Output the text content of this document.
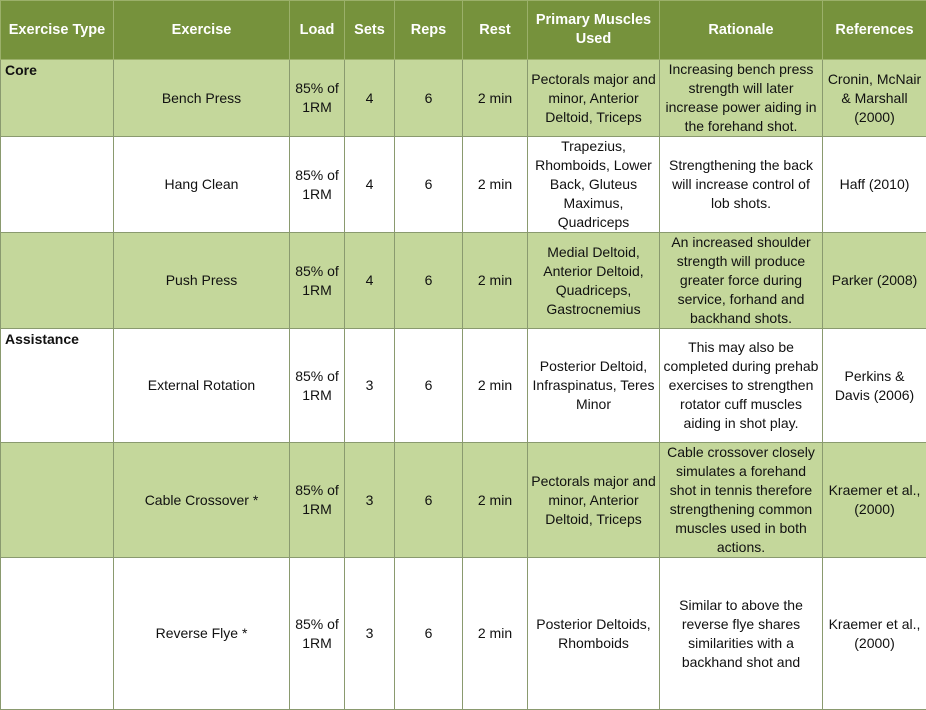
Exercise Type	Exercise	Load	Sets	Reps	Rest	Primary Muscles Used	Rationale	References
Core	Bench Press	85% of 1RM	4	6	2 min	Pectorals major and minor, Anterior Deltoid, Triceps	Increasing bench press strength will later increase power aiding in the forehand shot.	Cronin, McNair & Marshall (2000)
	Hang Clean	85% of 1RM	4	6	2 min	Trapezius, Rhomboids, Lower Back, Gluteus Maximus, Quadriceps	Strengthening the back will increase control of lob shots.	Haff (2010)
	Push Press	85% of 1RM	4	6	2 min	Medial Deltoid, Anterior Deltoid, Quadriceps, Gastrocnemius	An increased shoulder strength will produce greater force during service, forhand and backhand shots.	Parker (2008)
Assistance	External Rotation	85% of 1RM	3	6	2 min	Posterior Deltoid, Infraspinatus, Teres Minor	This may also be completed during prehab exercises to strengthen rotator cuff muscles aiding in shot play.	Perkins & Davis (2006)
	Cable Crossover *	85% of 1RM	3	6	2 min	Pectorals major and minor, Anterior Deltoid, Triceps	Cable crossover closely simulates a forehand shot in tennis therefore strengthening common muscles used in both actions.	Kraemer et al., (2000)
	Reverse Flye *	85% of 1RM	3	6	2 min	Posterior Deltoids, Rhomboids	Similar to above the reverse flye shares similarities with a backhand shot and	Kraemer et al., (2000)
